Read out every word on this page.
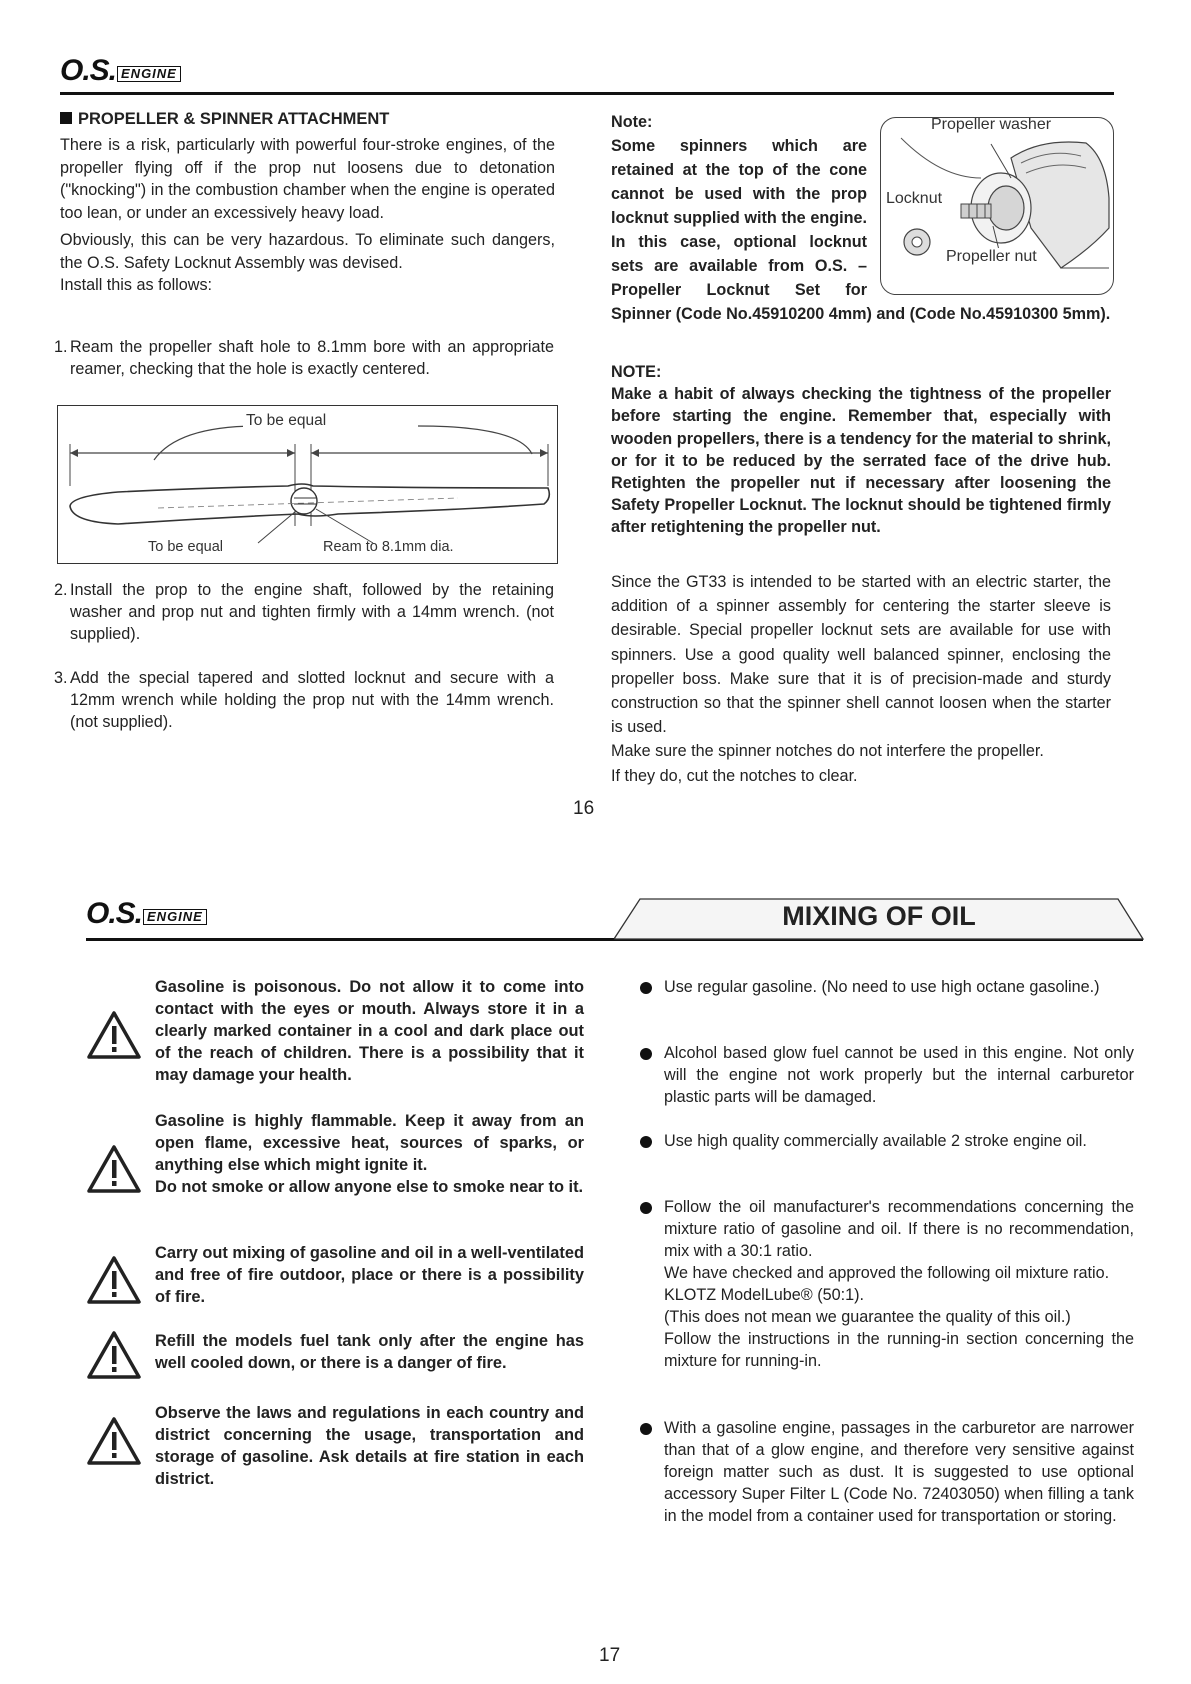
O.S. ENGINE
PROPELLER & SPINNER ATTACHMENT

There is a risk, particularly with powerful four-stroke engines, of the propeller flying off if the prop nut loosens due to detonation ("knocking") in the combustion chamber when the engine is operated too lean, or under an excessively heavy load.

Obviously, this can be very hazardous. To eliminate such dangers, the O.S. Safety Locknut Assembly was devised.

Install this as follows:

1. Ream the propeller shaft hole to 8.1mm bore with an appropriate reamer, checking that the hole is exactly centered.
To be equal
To be equal	Ream to 8.1mm dia.
2. Install the prop to the engine shaft, followed by the retaining washer and prop nut and tighten firmly with a 14mm wrench. (not supplied).
3. Add the special tapered and slotted locknut and secure with a 12mm wrench while holding the prop nut with the 14mm wrench. (not supplied).

Note:

Some spinners which are retained at the top of the cone cannot be used with the prop locknut supplied with the engine. In this case, optional locknut sets are available from O.S. – Propeller Locknut Set for Spinner (Code No.45910200 4mm) and (Code No.45910300 5mm).

Propeller washer
Locknut
Propeller nut

NOTE:

Make a habit of always checking the tightness of the propeller before starting the engine. Remember that, especially with wooden propellers, there is a tendency for the material to shrink, or for it to be reduced by the serrated face of the drive hub. Retighten the propeller nut if necessary after loosening the Safety Propeller Locknut. The locknut should be tightened firmly after retightening the propeller nut.

Since the GT33 is intended to be started with an electric starter, the addition of a spinner assembly for centering the starter sleeve is desirable. Special propeller locknut sets are available for use with spinners. Use a good quality well balanced spinner, enclosing the propeller boss. Make sure that it is of precision-made and sturdy construction so that the spinner shell cannot loosen when the starter is used.

Make sure the spinner notches do not interfere the propeller.

If they do, cut the notches to clear.

16
O.S. ENGINE	MIXING OF OIL
Gasoline is poisonous. Do not allow it to come into contact with the eyes or mouth. Always store it in a clearly marked container in a cool and dark place out of the reach of children. There is a possibility that it may damage your health.
Gasoline is highly flammable. Keep it away from an open flame, excessive heat, sources of sparks, or anything else which might ignite it.
Do not smoke or allow anyone else to smoke near to it.
Carry out mixing of gasoline and oil in a well-ventilated and free of fire outdoor, place or there is a possibility of fire.
Refill the models fuel tank only after the engine has well cooled down, or there is a danger of fire.
Observe the laws and regulations in each country and district concerning the usage, transportation and storage of gasoline. Ask details at fire station in each district.
Use regular gasoline. (No need to use high octane gasoline.)
Alcohol based glow fuel cannot be used in this engine. Not only will the engine not work properly but the internal carburetor plastic parts will be damaged.
Use high quality commercially available 2 stroke engine oil.
Follow the oil manufacturer's recommendations concerning the mixture ratio of gasoline and oil. If there is no recommendation, mix with a 30:1 ratio.
We have checked and approved the following oil mixture ratio.
KLOTZ ModelLube® (50:1).
(This does not mean we guarantee the quality of this oil.)
Follow the instructions in the running-in section concerning the mixture for running-in.
With a gasoline engine, passages in the carburetor are narrower than that of a glow engine, and therefore very sensitive against foreign matter such as dust. It is suggested to use optional accessory Super Filter L (Code No. 72403050) when filling a tank in the model from a container used for transportation or storing.
17
